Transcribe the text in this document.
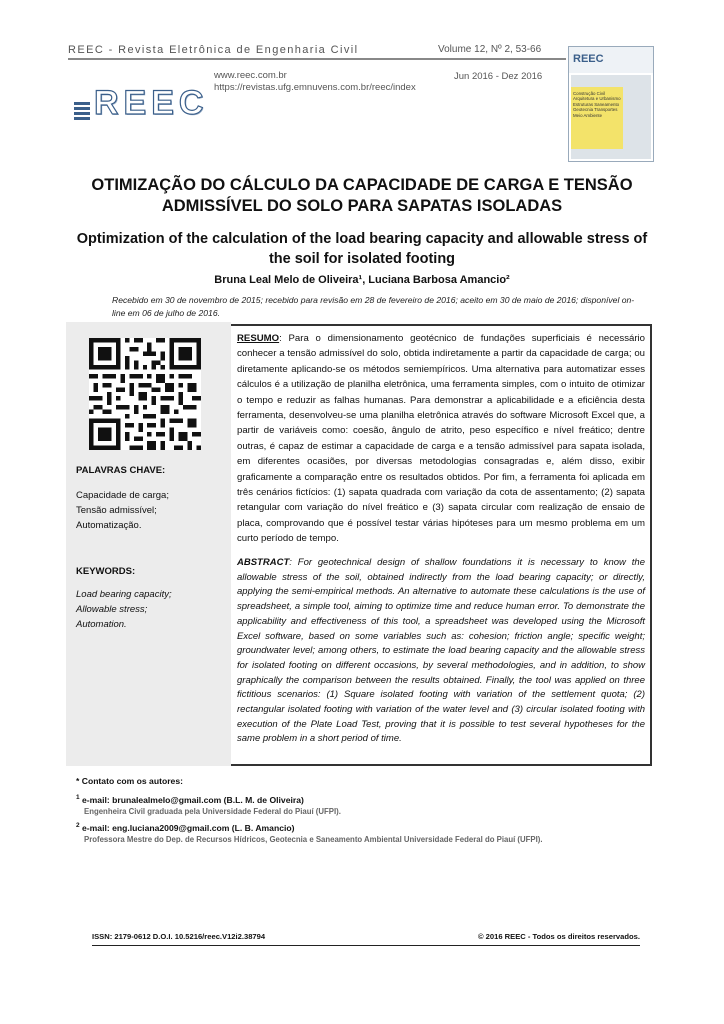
REEC - Revista Eletrônica de Engenharia Civil	Volume 12, Nº 2, 53-66
REEC
www.reec.com.br
https://revistas.ufg.emnuvens.com.br/reec/index
Jun 2016 - Dez 2016
REEC
Construção Civil Arquitetura e Urbanismo Estruturas Saneamento Geotecnia Transportes Meio Ambiente
OTIMIZAÇÃO DO CÁLCULO DA CAPACIDADE DE CARGA E TENSÃO
ADMISSÍVEL DO SOLO PARA SAPATAS ISOLADAS
Optimization of the calculation of the load bearing capacity and allowable stress of
the soil for isolated footing
Bruna Leal Melo de Oliveira¹, Luciana Barbosa Amancio²
Recebido em 30 de novembro de 2015; recebido para revisão em 28 de fevereiro de 2016; aceito em 30 de maio de 2016; disponível on-line em 06 de julho de 2016.
PALAVRAS CHAVE:
Capacidade de carga;
Tensão admissível;
Automatização.
KEYWORDS:
Load bearing capacity;
Allowable stress;
Automation.
RESUMO: Para o dimensionamento geotécnico de fundações superficiais é necessário conhecer a tensão admissível do solo, obtida indiretamente a partir da capacidade de carga; ou diretamente aplicando-se os métodos semiempíricos. Uma alternativa para automatizar esses cálculos é a utilização de planilha eletrônica, uma ferramenta simples, com o intuito de otimizar o tempo e reduzir as falhas humanas. Para demonstrar a aplicabilidade e a eficiência desta ferramenta, desenvolveu-se uma planilha eletrônica através do software Microsoft Excel que, a partir de variáveis como: coesão, ângulo de atrito, peso específico e nível freático; dentre outras, é capaz de estimar a capacidade de carga e a tensão admissível para sapata isolada, em diferentes ocasiões, por diversas metodologias consagradas e, além disso, exibir graficamente a comparação entre os resultados obtidos. Por fim, a ferramenta foi aplicada em três cenários fictícios: (1) sapata quadrada com variação da cota de assentamento; (2) sapata retangular com variação do nível freático e (3) sapata circular com realização de ensaio de placa, comprovando que é possível testar várias hipóteses para um mesmo problema em um curto período de tempo.
ABSTRACT: For geotechnical design of shallow foundations it is necessary to know the allowable stress of the soil, obtained indirectly from the load bearing capacity; or directly, applying the semi-empirical methods. An alternative to automate these calculations is the use of spreadsheet, a simple tool, aiming to optimize time and reduce human error. To demonstrate the applicability and effectiveness of this tool, a spreadsheet was developed using the Microsoft Excel software, based on some variables such as: cohesion; friction angle; specific weight; groundwater level; among others, to estimate the load bearing capacity and the allowable stress for isolated footing on different occasions, by several methodologies, and in addition, to show graphically the comparison between the results obtained. Finally, the tool was applied on three fictitious scenarios: (1) Square isolated footing with variation of the settlement quota; (2) rectangular isolated footing with variation of the water level and (3) circular isolated footing with execution of the Plate Load Test, proving that it is possible to test several hypotheses for the same problem in a short period of time.
* Contato com os autores:
$^1$ e-mail: brunalealmelo@gmail.com (B.L. M. de Oliveira)
Engenheira Civil graduada pela Universidade Federal do Piauí (UFPI).
$^2$ e-mail: eng.luciana2009@gmail.com (L. B. Amancio)
Professora Mestre do Dep. de Recursos Hídricos, Geotecnia e Saneamento Ambiental Universidade Federal do Piauí (UFPI).
ISSN: 2179-0612 D.O.I. 10.5216/reec.V12i2.38794	© 2016 REEC - Todos os direitos reservados.
